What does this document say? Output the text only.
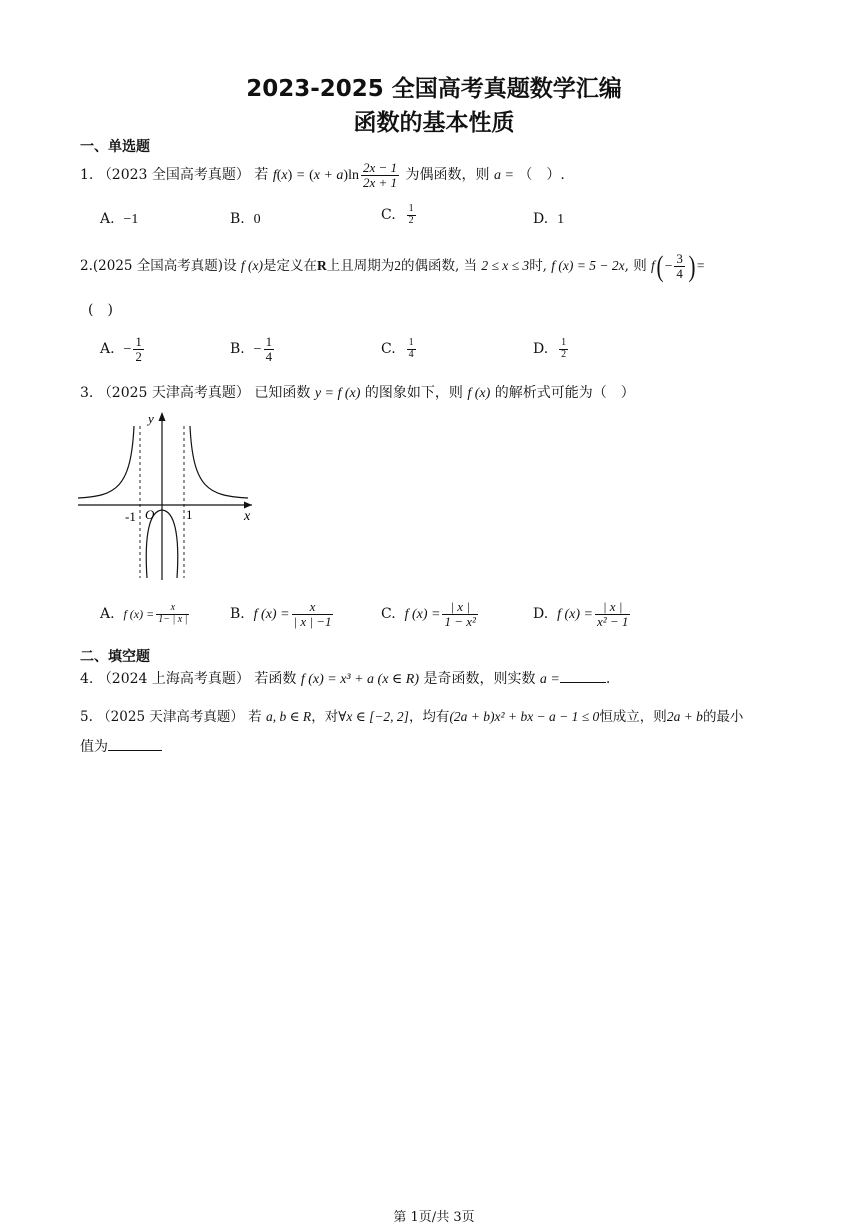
2023-2025 全国高考真题数学汇编
函数的基本性质
一、单选题
1. （2023 全国高考真题） 若 $f(x) = (x + a)\ln \frac{2x - 1}{2x + 1}$ 为偶函数，则 a = （　）.
A. −1	B. 0	C. $\frac{1}{2}$	D. 1
2.(2025 全国高考真题)设 f (x)是定义在R上且周期为2的偶函数, 当 2 ≤ x ≤ 3时, f (x) = 5 − 2x, 则 $f( - \frac{3}{4}$ ) =
(　)
A. − $\frac{1}{2}$	B. − $\frac{1}{4}$	C. $\frac{1}{4}$	D. $\frac{1}{2}$
3. （2025 天津高考真题） 已知函数 y = f (x) 的图象如下，则 f (x) 的解析式可能为（　）
y
x
O
-1	1
A. f $(x) = \frac{x}{1- | x |}$	B. f $(x) = \frac{x}{| x | -1}$	C. f $(x) = \frac{| x |}{\text{1 − x²}}$	D. f $(x) = \frac{| x |}{\text{x² − 1}}$
二、填空题
4. （2024 上海高考真题） 若函数 f (x) = x³ + a (x ∈ R) 是奇函数，则实数 a =	.
5. （2025 天津高考真题） 若 a, b ∈ R，对∀x ∈ [−2, 2]，均有(2a + b)x² + bx − a − 1 ≤ 0恒成立，则2a + b的最小
值为
第 1页/共 3页
